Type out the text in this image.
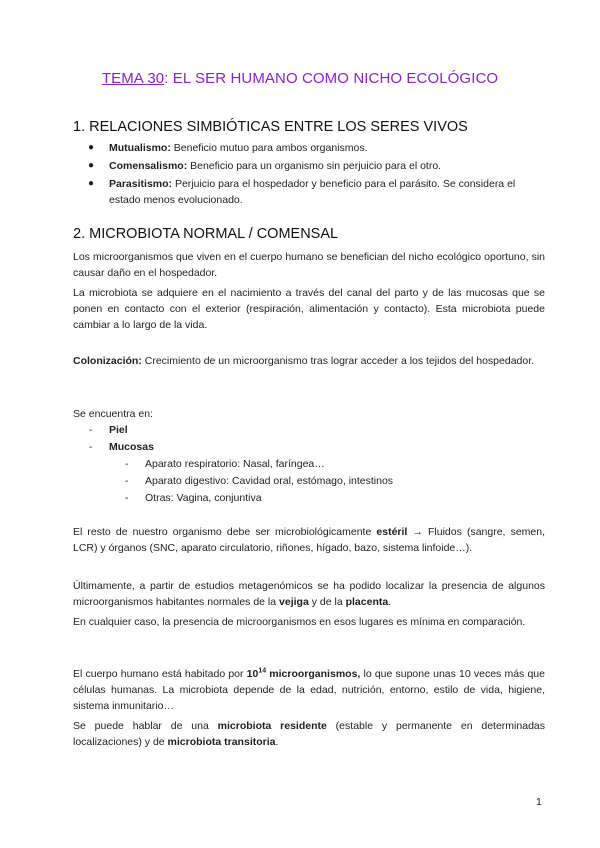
TEMA 30: EL SER HUMANO COMO NICHO ECOLÓGICO
1. RELACIONES SIMBIÓTICAS ENTRE LOS SERES VIVOS
● Mutualismo: Beneficio mutuo para ambos organismos.
● Comensalismo: Beneficio para un organismo sin perjuicio para el otro.
● Parasitismo: Perjuicio para el hospedador y beneficio para el parásito. Se considera el estado menos evolucionado.
2. MICROBIOTA NORMAL / COMENSAL
Los microorganismos que viven en el cuerpo humano se benefician del nicho ecológico oportuno, sin causar daño en el hospedador.
La microbiota se adquiere en el nacimiento a través del canal del parto y de las mucosas que se ponen en contacto con el exterior (respiración, alimentación y contacto). Esta microbiota puede cambiar a lo largo de la vida.
Colonización: Crecimiento de un microorganismo tras lograr acceder a los tejidos del hospedador.
Se encuentra en:
- Piel
- Mucosas
- Aparato respiratorio: Nasal, faríngea…
- Aparato digestivo: Cavidad oral, estómago, intestinos
- Otras: Vagina, conjuntiva
El resto de nuestro organismo debe ser microbiológicamente estéril → Fluidos (sangre, semen, LCR) y órganos (SNC, aparato circulatorio, riñones, hígado, bazo, sistema linfoide…).
Últimamente, a partir de estudios metagenómicos se ha podido localizar la presencia de algunos microorganismos habitantes normales de la vejiga y de la placenta.
En cualquier caso, la presencia de microorganismos en esos lugares es mínima en comparación.
El cuerpo humano está habitado por $10^{14}$ microorganismos, lo que supone unas 10 veces más que células humanas. La microbiota depende de la edad, nutrición, entorno, estilo de vida, higiene, sistema inmunitario…
Se puede hablar de una microbiota residente (estable y permanente en determinadas localizaciones) y de microbiota transitoria.
1
